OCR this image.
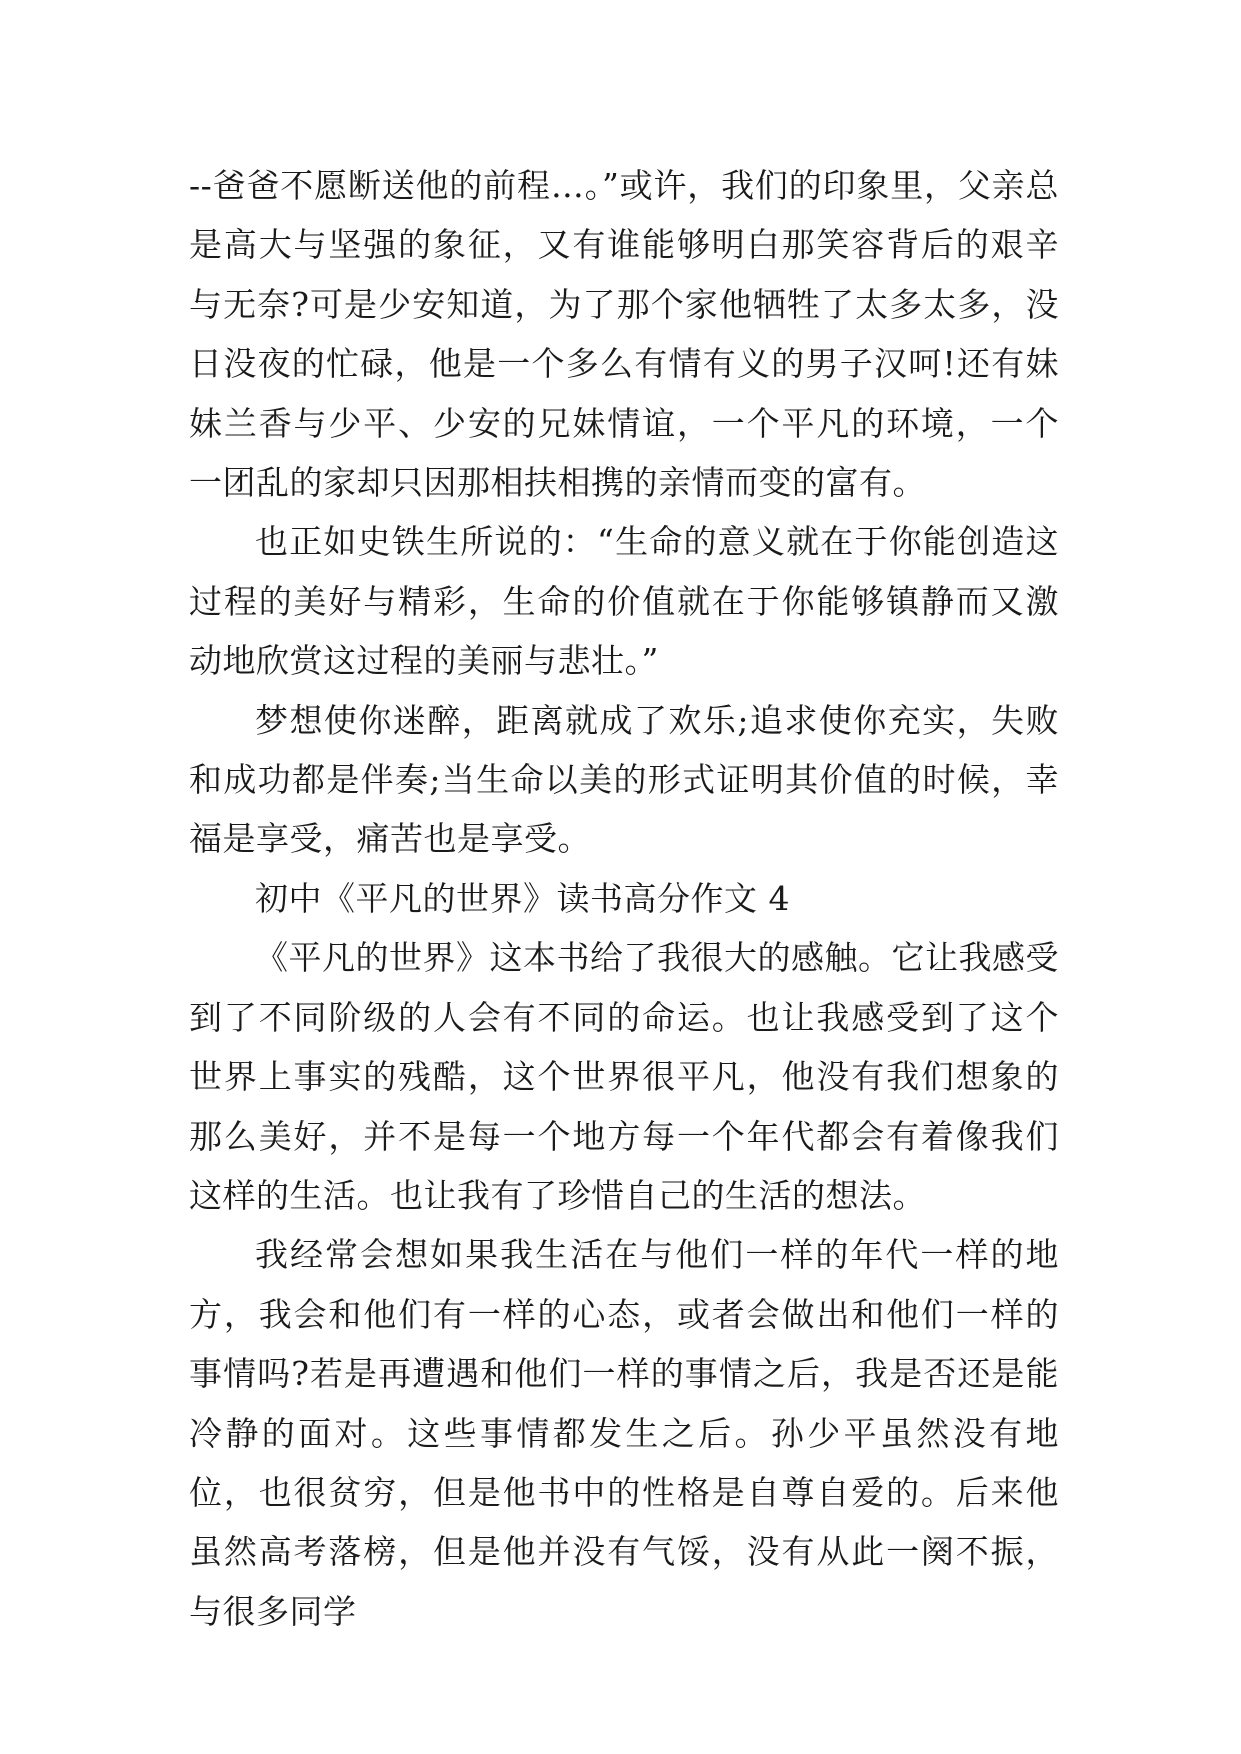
--爸爸不愿断送他的前程…。”或许，我们的印象里，父亲总是高大与坚强的象征，又有谁能够明白那笑容背后的艰辛与无奈?可是少安知道，为了那个家他牺牲了太多太多，没日没夜的忙碌，他是一个多么有情有义的男子汉呵!还有妹妹兰香与少平、少安的兄妹情谊，一个平凡的环境，一个一团乱的家却只因那相扶相携的亲情而变的富有。

也正如史铁生所说的：“生命的意义就在于你能创造这过程的美好与精彩，生命的价值就在于你能够镇静而又激动地欣赏这过程的美丽与悲壮。”

梦想使你迷醉，距离就成了欢乐;追求使你充实，失败和成功都是伴奏;当生命以美的形式证明其价值的时候，幸福是享受，痛苦也是享受。

初中《平凡的世界》读书高分作文 4

《平凡的世界》这本书给了我很大的感触。它让我感受到了不同阶级的人会有不同的命运。也让我感受到了这个世界上事实的残酷，这个世界很平凡，他没有我们想象的那么美好，并不是每一个地方每一个年代都会有着像我们这样的生活。也让我有了珍惜自己的生活的想法。

我经常会想如果我生活在与他们一样的年代一样的地方，我会和他们有一样的心态，或者会做出和他们一样的事情吗?若是再遭遇和他们一样的事情之后，我是否还是能冷静的面对。这些事情都发生之后。孙少平虽然没有地位，也很贫穷，但是他书中的性格是自尊自爱的。后来他虽然高考落榜，但是他并没有气馁，没有从此一阕不振，与很多同学
